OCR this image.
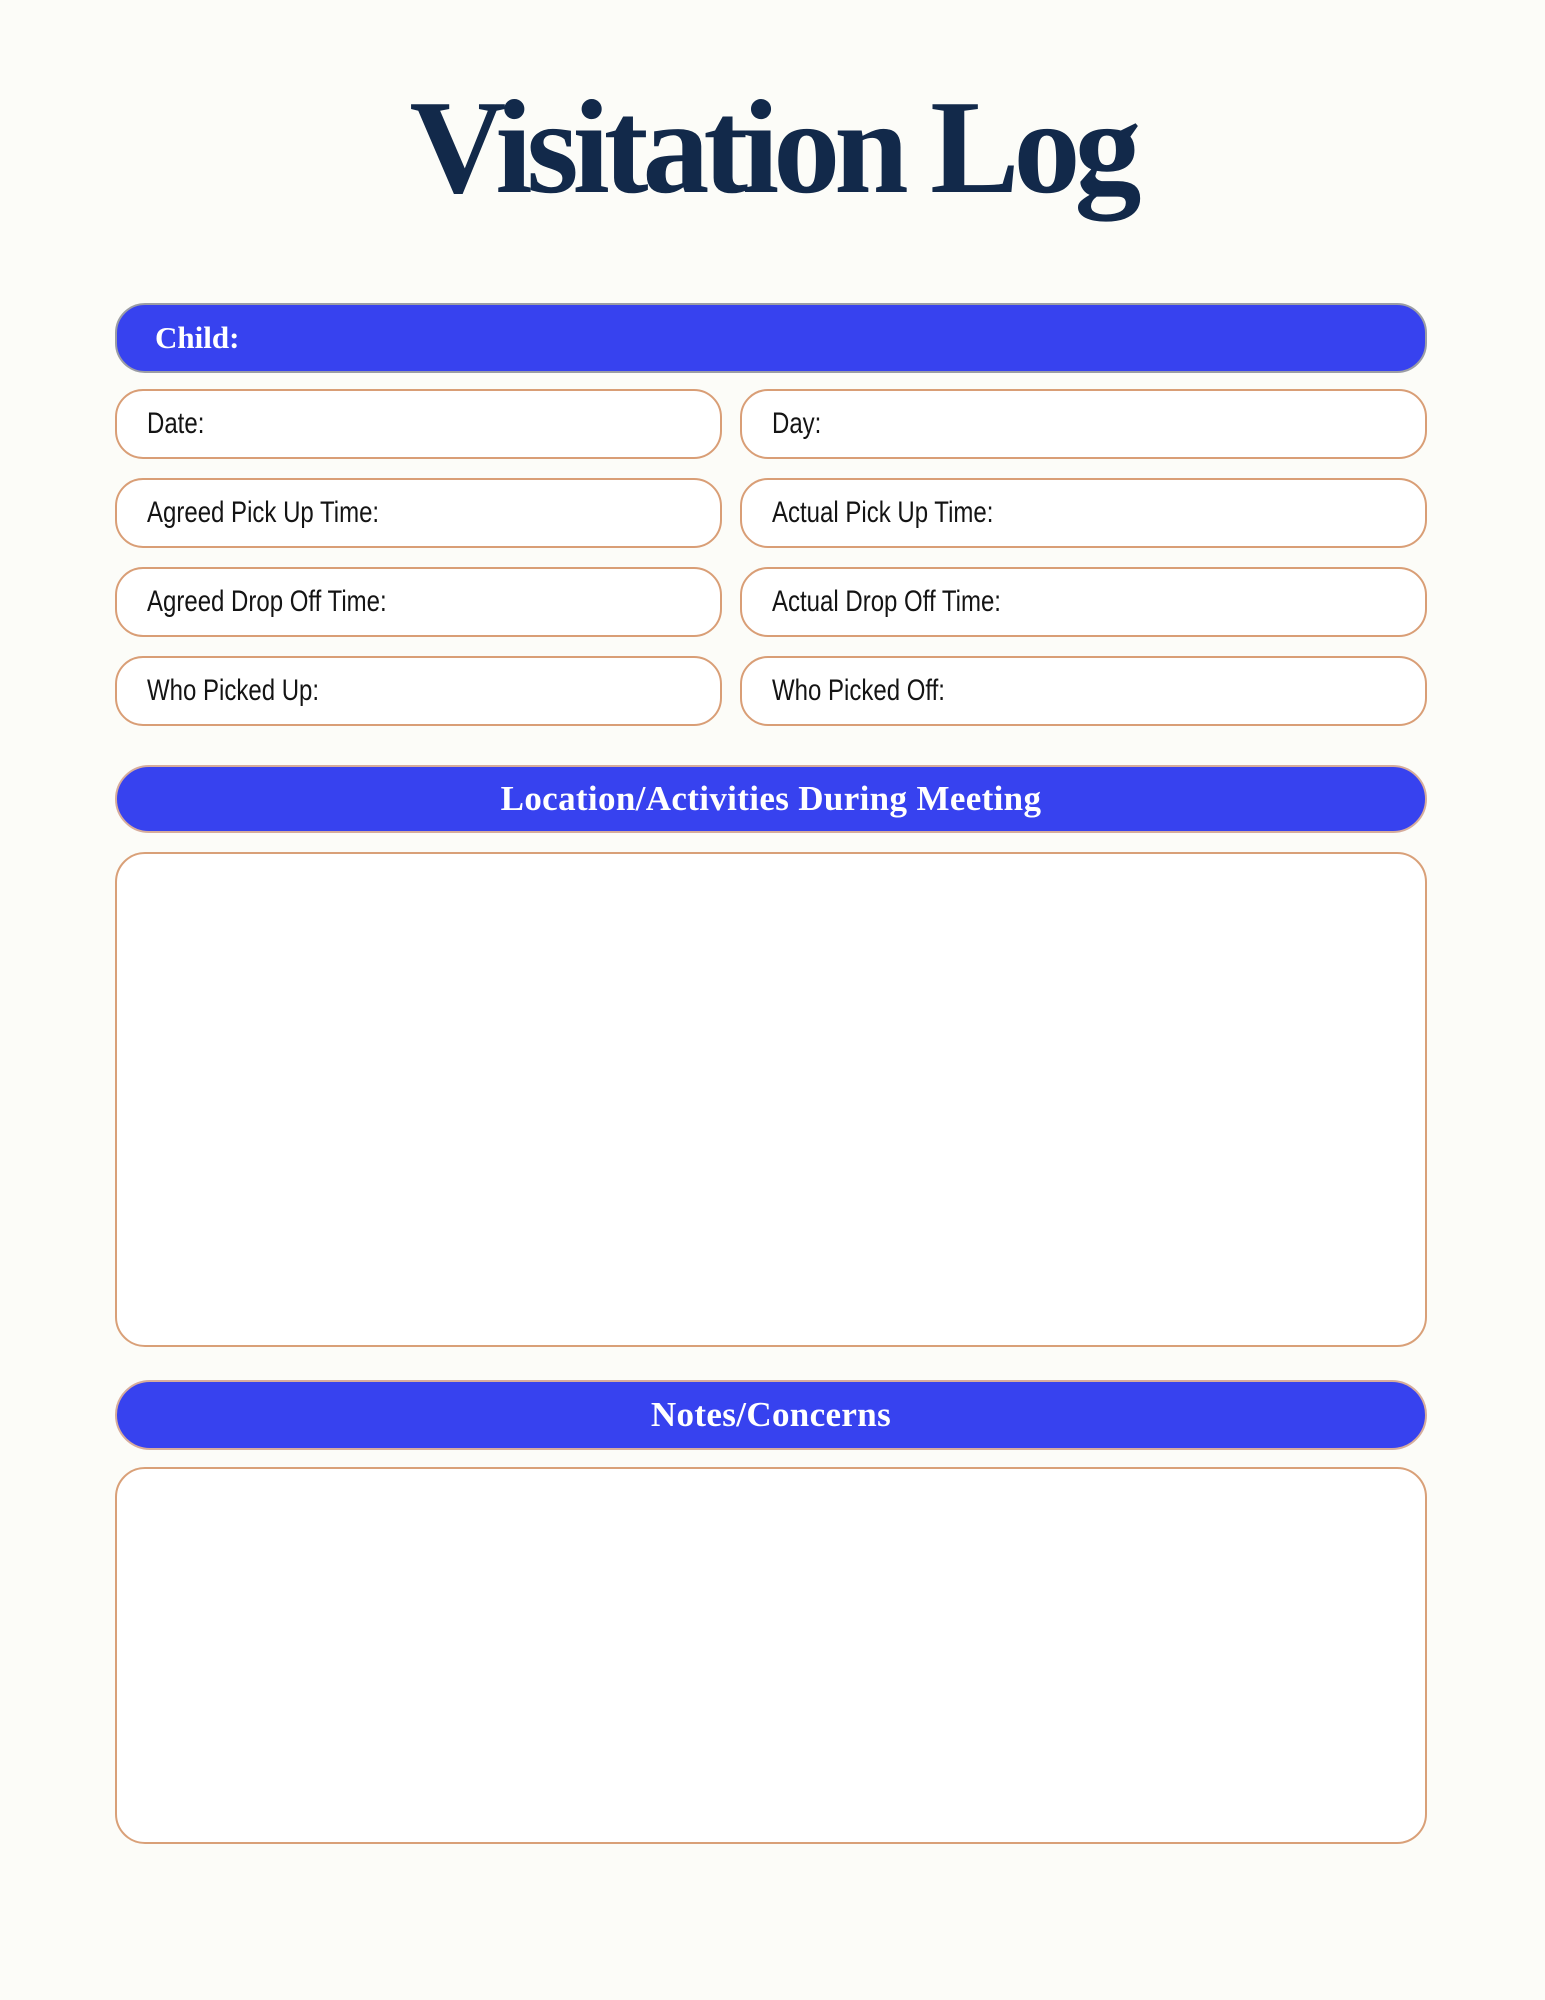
Visitation Log
Child:
Date:	Day:
Agreed Pick Up Time:	Actual Pick Up Time:
Agreed Drop Off Time:	Actual Drop Off Time:
Who Picked Up:	Who Picked Off:
Location/Activities During Meeting
Notes/Concerns
